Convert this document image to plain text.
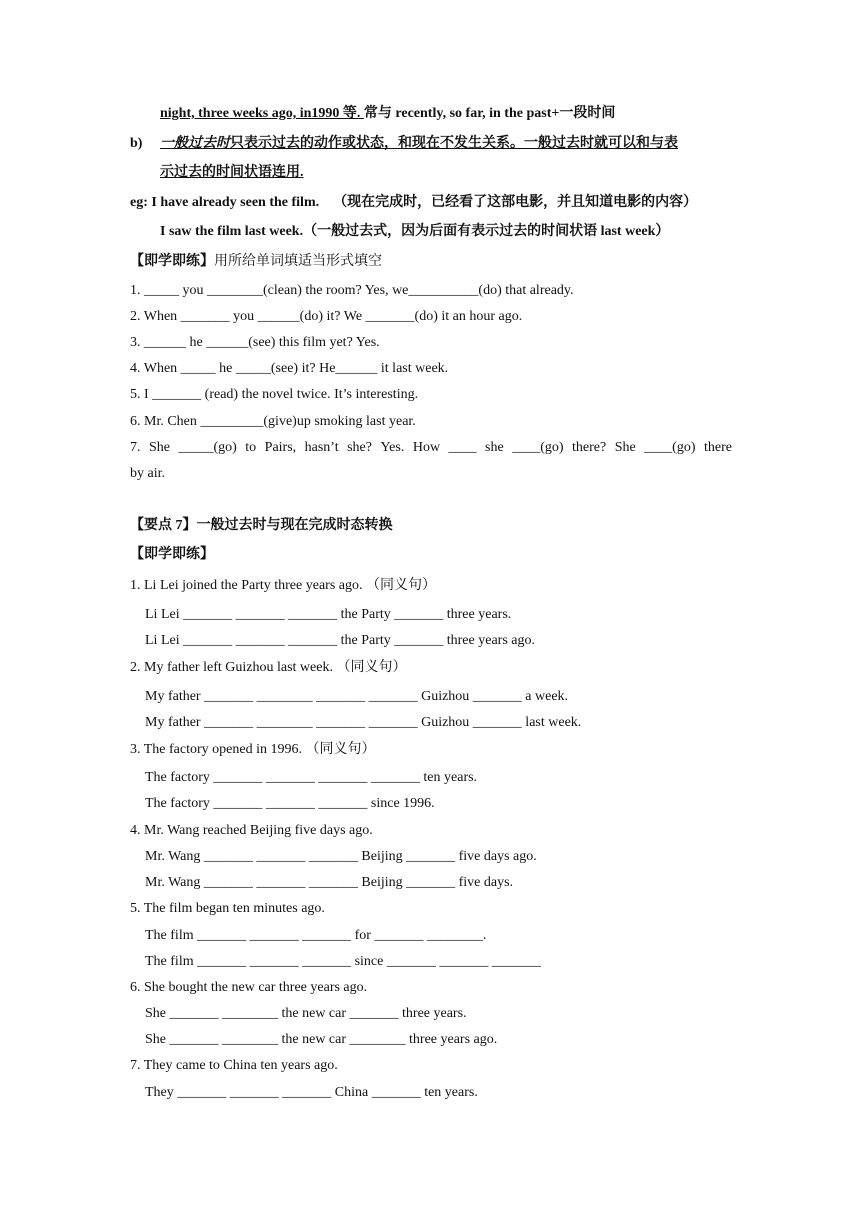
night, three weeks ago, in1990 等. 常与 recently, so far, in the past+一段时间
b) 一般过去时只表示过去的动作或状态，和现在不发生关系。一般过去时就可以和与表
示过去的时间状语连用.
eg: I have already seen the film. （现在完成时，已经看了这部电影，并且知道电影的内容）
I saw the film last week.（一般过去式，因为后面有表示过去的时间状语 last week）
【即学即练】用所给单词填适当形式填空
1. _____ you ________(clean) the room? Yes, we__________(do) that already.
2. When _______ you ______(do) it? We _______(do) it an hour ago.
3. ______ he ______(see) this film yet? Yes.
4. When _____ he _____(see) it? He______ it last week.
5. I _______ (read) the novel twice. It’s interesting.
6. Mr. Chen _________(give)up smoking last year.
7. She _____(go) to Pairs, hasn’t she? Yes. How ____ she ____(go) there? She ____(go) there
by air.
【要点 7】一般过去时与现在完成时态转换
【即学即练】
1. Li Lei joined the Party three years ago. （同义句）
Li Lei _______ _______ _______ the Party _______ three years.
Li Lei _______ _______ _______ the Party _______ three years ago.
2. My father left Guizhou last week. （同义句）
My father _______ ________ _______ _______ Guizhou _______ a week.
My father _______ ________ _______ _______ Guizhou _______ last week.
3. The factory opened in 1996. （同义句）
The factory _______ _______ _______ _______ ten years.
The factory _______ _______ _______ since 1996.
4. Mr. Wang reached Beijing five days ago.
Mr. Wang _______ _______ _______ Beijing _______ five days ago.
Mr. Wang _______ _______ _______ Beijing _______ five days.
5. The film began ten minutes ago.
The film _______ _______ _______ for _______ ________.
The film _______ _______ _______ since _______ _______ _______
6. She bought the new car three years ago.
She _______ ________ the new car _______ three years.
She _______ ________ the new car ________ three years ago.
7. They came to China ten years ago.
They _______ _______ _______ China _______ ten years.
